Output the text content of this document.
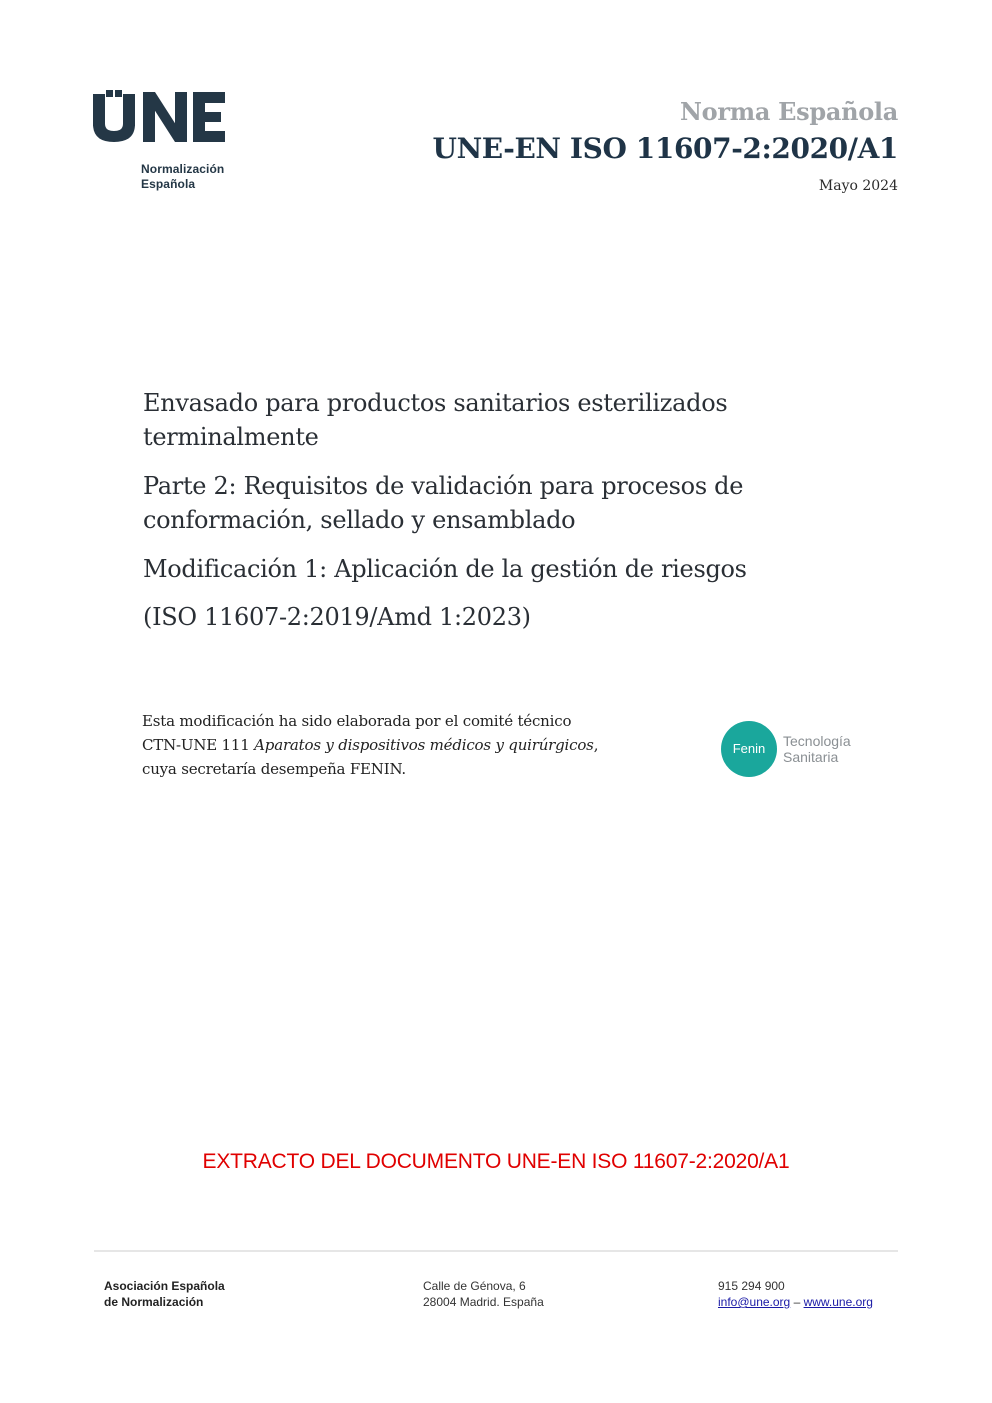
Normalización
Española
Norma Española
UNE-EN ISO 11607-2:2020/A1
Mayo 2024

Envasado para productos sanitarios esterilizados
terminalmente

Parte 2: Requisitos de validación para procesos de
conformación, sellado y ensamblado

Modificación 1: Aplicación de la gestión de riesgos

(ISO 11607-2:2019/Amd 1:2023)

Esta modificación ha sido elaborada por el comité técnico

CTN-UNE 111 Aparatos y dispositivos médicos y quirúrgicos,

cuya secretaría desempeña FENIN.

Fenin	Tecnología
Sanitaria
EXTRACTO DEL DOCUMENTO UNE-EN ISO 11607-2:2020/A1
Asociación Española
de Normalización
Calle de Génova, 6
28004 Madrid. España
915 294 900
info@une.org – www.une.org
